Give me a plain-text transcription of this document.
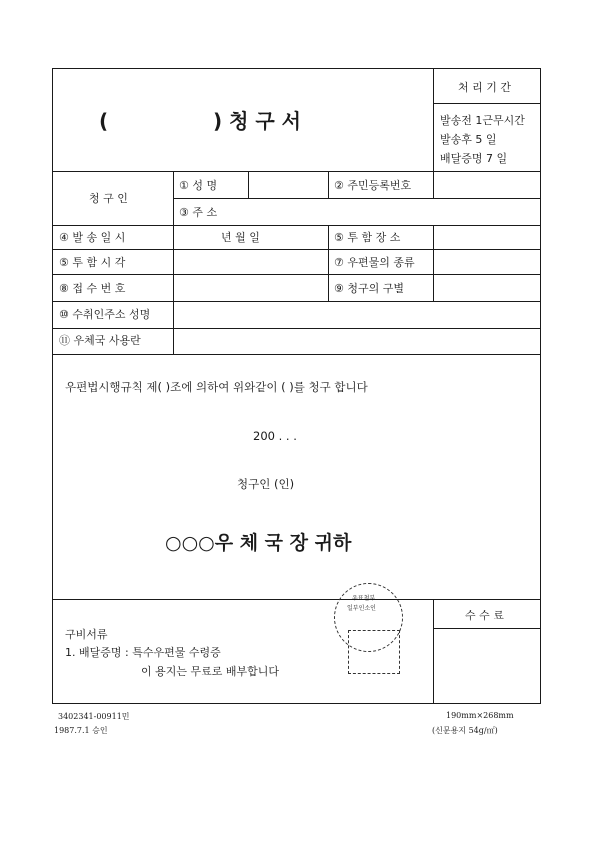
(	) 청 구 서
처 리 기 간
발송전 1근무시간
발송후 5 일
배달증명 7 일
청 구 인
① 성 명	② 주민등록번호
③ 주 소
④ 발 송 일 시	년 월 일	⑤ 투 함 장 소
⑤ 투 함 시 각	⑦ 우편물의 종류
⑧ 접 수 번 호	⑨ 청구의 구별
⑩ 수취인주소 성명
⑪ 우체국 사용란
우편법시행규칙 제( )조에 의하여 위와같이 ( )를 청구 합니다
200 . . .
청구인 (인)
○○○우 체 국 장 귀하
구비서류
1. 배달증명 : 특수우편물 수령증
이 용지는 무료로 배부합니다
수 수 료
우표첨부
일부인소인
3402341-00911민
1987.7.1 승인
190mm×268mm
(신문용지 54g/㎡)
